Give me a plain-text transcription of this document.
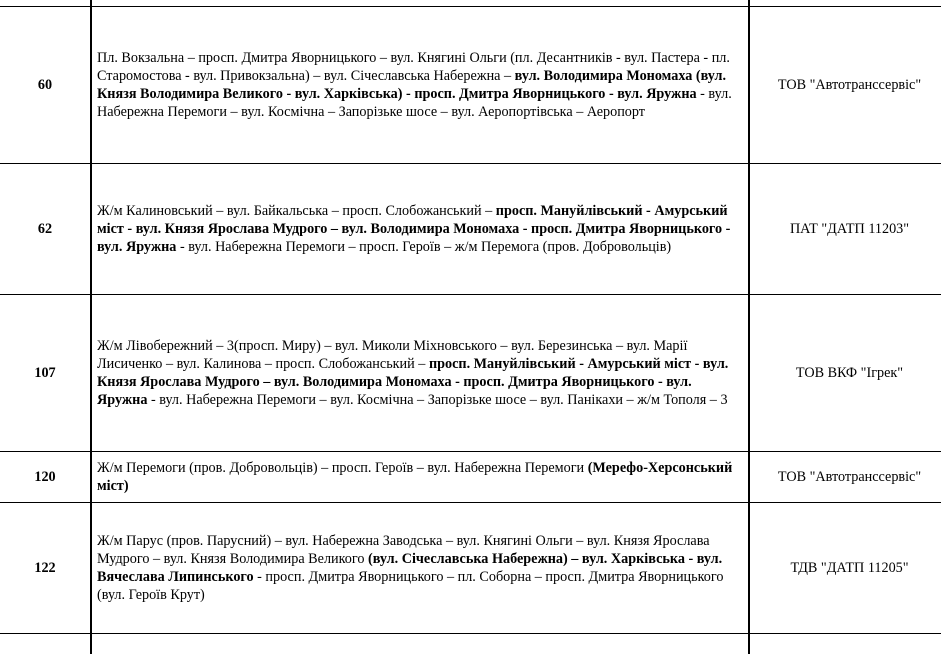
60	Пл. Вокзальна – просп. Дмитра Яворницького – вул. Княгині Ольги (пл. Десантників - вул. Пастера - пл. Старомостова - вул. Привокзальна) – вул. Січеславська Набережна – вул. Володимира Мономаха (вул. Князя Володимира Великого - вул. Харківська) - просп. Дмитра Яворницького - вул. Яружна - вул. Набережна Перемоги – вул. Космічна – Запорізьке шосе – вул. Аеропортівська – Аеропорт	ТОВ "Автотранссервіс"
62	Ж/м Калиновський – вул. Байкальська – просп. Слобожанський – просп. Мануйлівський - Амурський міст - вул. Князя Ярослава Мудрого – вул. Володимира Мономаха - просп. Дмитра Яворницького - вул. Яружна - вул. Набережна Перемоги – просп. Героїв – ж/м Перемога (пров. Добровольців)	ПАТ "ДАТП 11203"
107	Ж/м Лівобережний – 3(просп. Миру) – вул. Миколи Міхновського – вул. Березинська – вул. Марії Лисиченко – вул. Калинова – просп. Слобожанський – просп. Мануйлівський - Амурський міст - вул. Князя Ярослава Мудрого – вул. Володимира Мономаха - просп. Дмитра Яворницького - вул. Яружна - вул. Набережна Перемоги – вул. Космічна – Запорізьке шосе – вул. Панікахи – ж/м Тополя – 3	ТОВ ВКФ "Ігрек"
120	Ж/м Перемоги (пров. Добровольців) – просп. Героїв – вул. Набережна Перемоги (Мерефо-Херсонський міст)	ТОВ "Автотранссервіс"
122	Ж/м Парус (пров. Парусний) – вул. Набережна Заводська – вул. Княгині Ольги – вул. Князя Ярослава Мудрого – вул. Князя Володимира Великого (вул. Січеславська Набережна) – вул. Харківська - вул. Вячеслава Липинського - просп. Дмитра Яворницького – пл. Соборна – просп. Дмитра Яворницького (вул. Героїв Крут)	ТДВ "ДАТП 11205"
